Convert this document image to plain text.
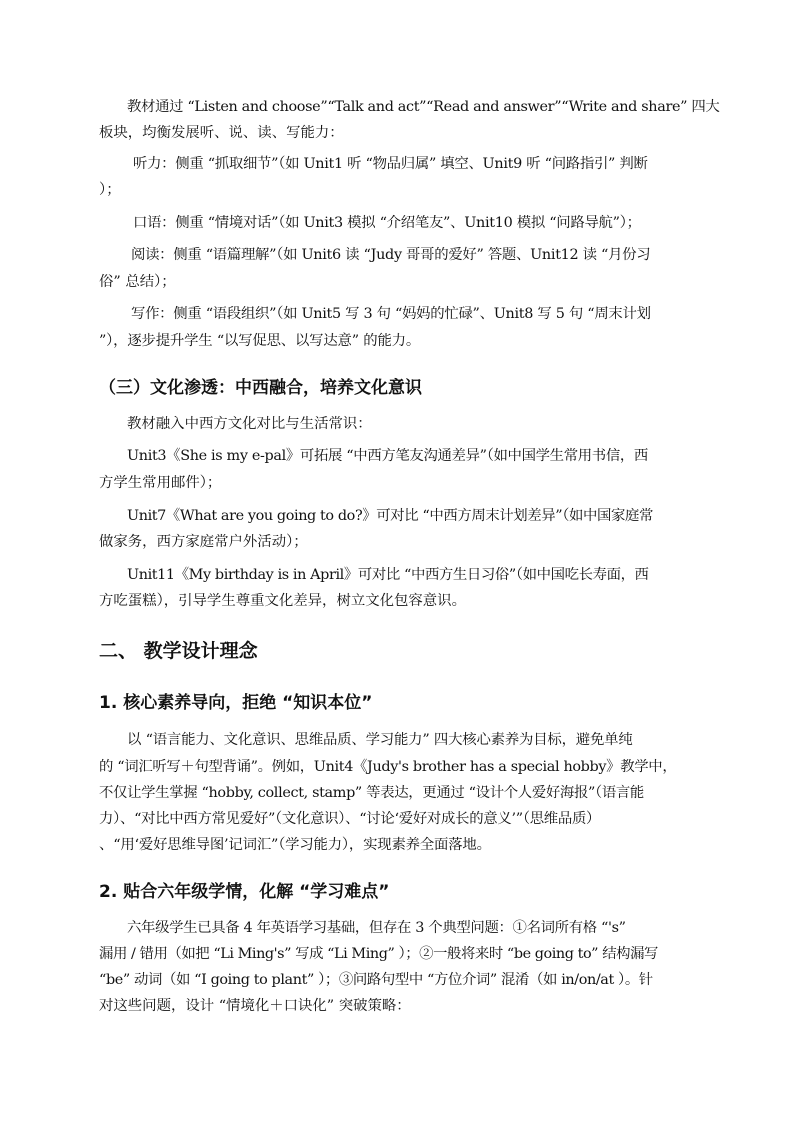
教材通过 “Listen and choose”“Talk and act”“Read and answer”“Write and share” 四大

板块，均衡发展听、说、读、写能力：

听力：侧重 “抓取细节”（如 Unit1 听 “物品归属” 填空、Unit9 听 “问路指引” 判断

）；

口语：侧重 “情境对话”（如 Unit3 模拟 “介绍笔友”、Unit10 模拟 “问路导航”）；

阅读：侧重 “语篇理解”（如 Unit6 读 “Judy 哥哥的爱好” 答题、Unit12 读 “月份习

俗” 总结）；

写作：侧重 “语段组织”（如 Unit5 写 3 句 “妈妈的忙碌”、Unit8 写 5 句 “周末计划

”），逐步提升学生 “以写促思、以写达意” 的能力。

（三）文化渗透：中西融合，培养文化意识

教材融入中西方文化对比与生活常识：

Unit3《She is my e-pal》可拓展 “中西方笔友沟通差异”（如中国学生常用书信，西

方学生常用邮件）；

Unit7《What are you going to do?》可对比 “中西方周末计划差异”（如中国家庭常

做家务，西方家庭常户外活动）；

Unit11《My birthday is in April》可对比 “中西方生日习俗”（如中国吃长寿面，西

方吃蛋糕），引导学生尊重文化差异，树立文化包容意识。

二、 教学设计理念
1. 核心素养导向，拒绝 “知识本位”

以 “语言能力、文化意识、思维品质、学习能力” 四大核心素养为目标，避免单纯

的 “词汇听写＋句型背诵”。例如，Unit4《Judy's brother has a special hobby》教学中，

不仅让学生掌握 “hobby, collect, stamp” 等表达，更通过 “设计个人爱好海报”（语言能

力）、“对比中西方常见爱好”（文化意识）、“讨论‘爱好对成长的意义’”（思维品质）

、“用‘爱好思维导图’记词汇”（学习能力），实现素养全面落地。

2. 贴合六年级学情，化解 “学习难点”

六年级学生已具备 4 年英语学习基础，但存在 3 个典型问题：①名词所有格 “'s”

漏用 / 错用（如把 “Li Ming's” 写成 “Li Ming” ）；②一般将来时 “be going to” 结构漏写

“be” 动词（如 “I going to plant” ）；③问路句型中 “方位介词” 混淆（如 in/on/at ）。针

对这些问题，设计 “情境化＋口诀化” 突破策略：
